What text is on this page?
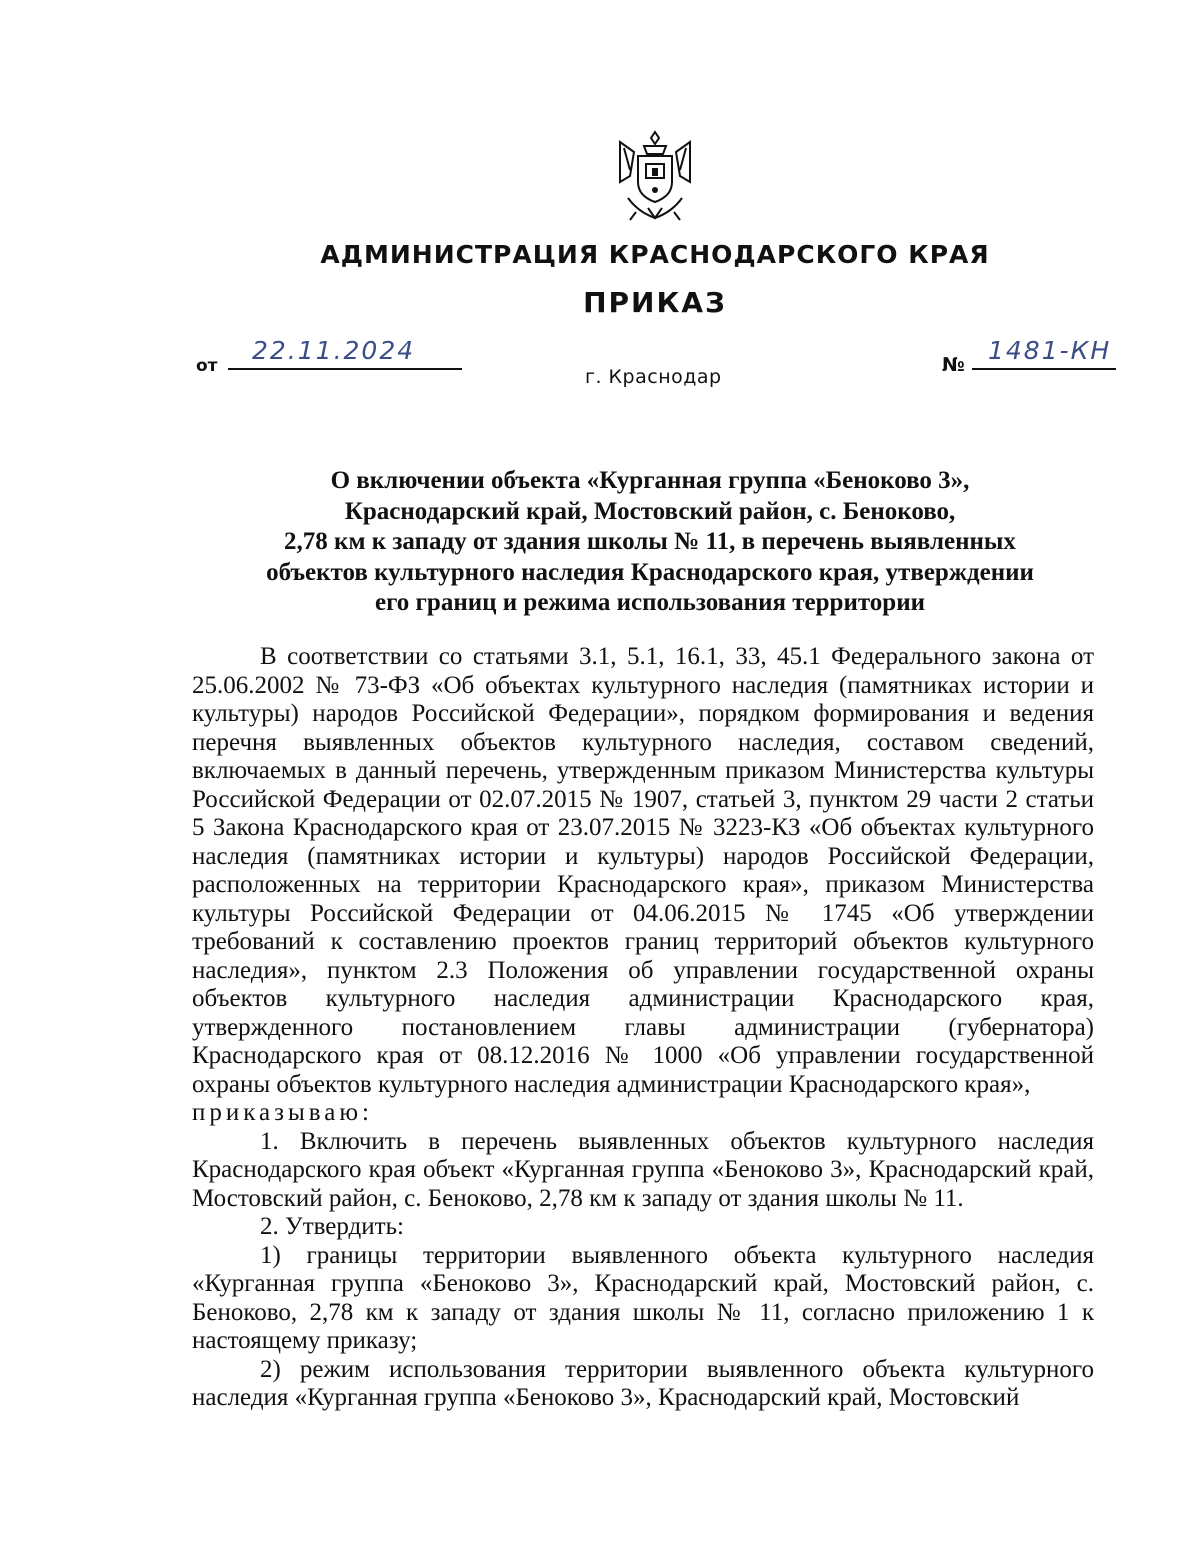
АДМИНИСТРАЦИЯ КРАСНОДАРСКОГО КРАЯ
ПРИКАЗ
от
22.11.2024	№ 1481-КН
г. Краснодар
О включении объекта «Курганная группа «Беноково 3»,
Краснодарский край, Мостовский район, с. Беноково,
2,78 км к западу от здания школы № 11, в перечень выявленных
объектов культурного наследия Краснодарского края, утверждении
его границ и режима использования территории

В соответствии со статьями 3.1, 5.1, 16.1, 33, 45.1 Федерального закона от 25.06.2002 № 73-ФЗ «Об объектах культурного наследия (памятниках истории и культуры) народов Российской Федерации», порядком формирования и ведения перечня выявленных объектов культурного наследия, составом сведений, включаемых в данный перечень, утвержденным приказом Министерства культуры Российской Федерации от 02.07.2015 № 1907, статьей 3, пунктом 29 части 2 статьи 5 Закона Краснодарского края от 23.07.2015 № 3223-КЗ «Об объектах культурного наследия (памятниках истории и культуры) народов Российской Федерации, расположенных на территории Краснодарского края», приказом Министерства культуры Российской Федерации от 04.06.2015 № 1745 «Об утверждении требований к составлению проектов границ территорий объектов культурного наследия», пунктом 2.3 Положения об управлении государственной охраны объектов культурного наследия администрации Краснодарского края, утвержденного постановлением главы администрации (губернатора) Краснодарского края от 08.12.2016 № 1000 «Об управлении государственной охраны объектов культурного наследия администрации Краснодарского края»,

приказываю:

1. Включить в перечень выявленных объектов культурного наследия Краснодарского края объект «Курганная группа «Беноково 3», Краснодарский край, Мостовский район, с. Беноково, 2,78 км к западу от здания школы № 11.

2. Утвердить:

1) границы территории выявленного объекта культурного наследия «Курганная группа «Беноково 3», Краснодарский край, Мостовский район, с. Беноково, 2,78 км к западу от здания школы № 11, согласно приложению 1 к настоящему приказу;

2) режим использования территории выявленного объекта культурного наследия «Курганная группа «Беноково 3», Краснодарский край, Мостовский
